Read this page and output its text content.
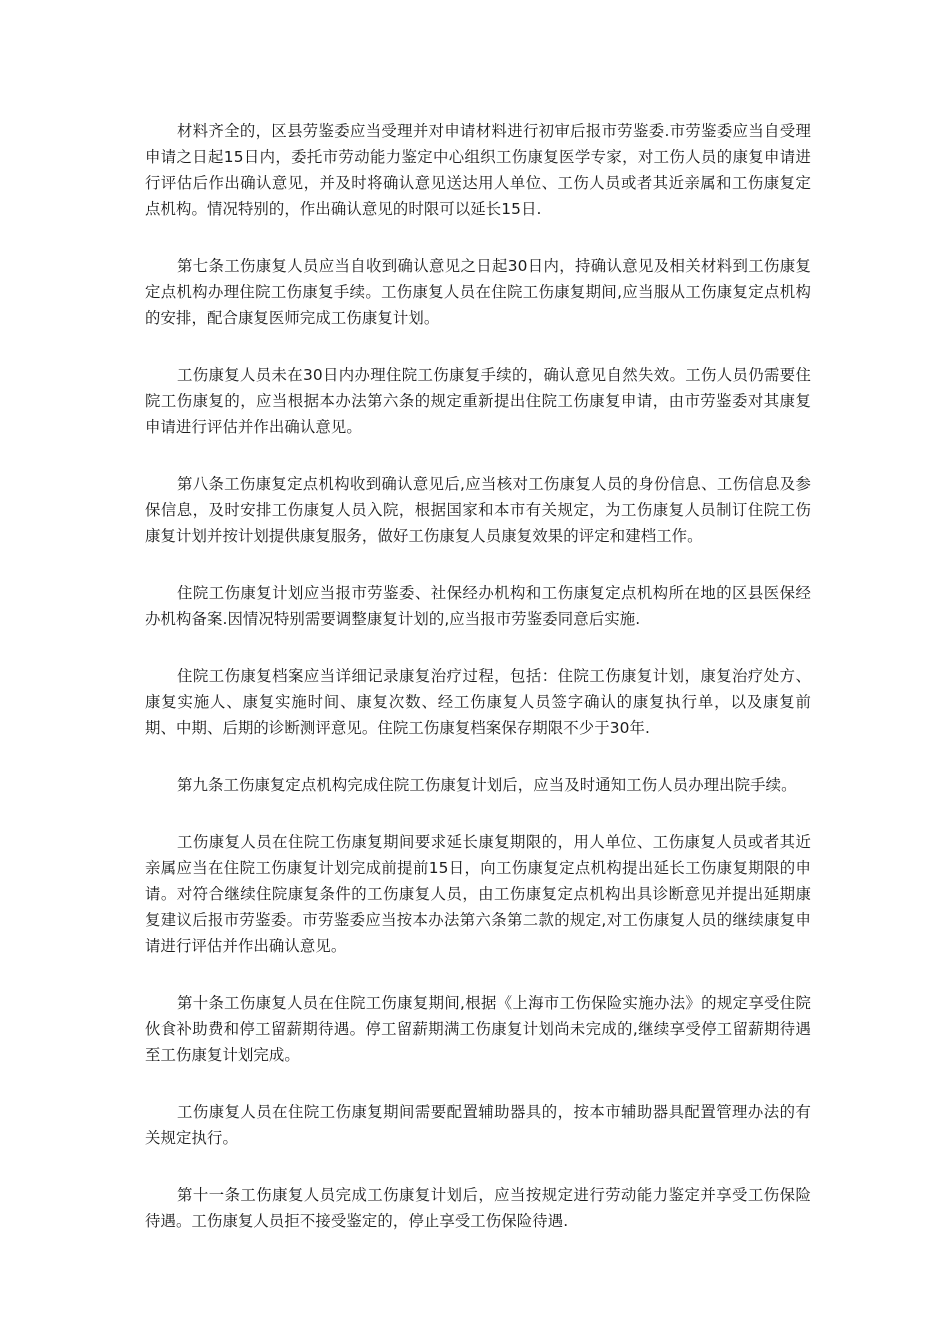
材料齐全的，区县劳鉴委应当受理并对申请材料进行初审后报市劳鉴委.市劳鉴委应当自受理申请之日起15日内，委托市劳动能力鉴定中心组织工伤康复医学专家，对工伤人员的康复申请进行评估后作出确认意见，并及时将确认意见送达用人单位、工伤人员或者其近亲属和工伤康复定点机构。情况特别的，作出确认意见的时限可以延长15日.

第七条工伤康复人员应当自收到确认意见之日起30日内，持确认意见及相关材料到工伤康复定点机构办理住院工伤康复手续。工伤康复人员在住院工伤康复期间,应当服从工伤康复定点机构的安排，配合康复医师完成工伤康复计划。

工伤康复人员未在30日内办理住院工伤康复手续的，确认意见自然失效。工伤人员仍需要住院工伤康复的，应当根据本办法第六条的规定重新提出住院工伤康复申请，由市劳鉴委对其康复申请进行评估并作出确认意见。

第八条工伤康复定点机构收到确认意见后,应当核对工伤康复人员的身份信息、工伤信息及参保信息，及时安排工伤康复人员入院，根据国家和本市有关规定，为工伤康复人员制订住院工伤康复计划并按计划提供康复服务，做好工伤康复人员康复效果的评定和建档工作。

住院工伤康复计划应当报市劳鉴委、社保经办机构和工伤康复定点机构所在地的区县医保经办机构备案.因情况特别需要调整康复计划的,应当报市劳鉴委同意后实施.

住院工伤康复档案应当详细记录康复治疗过程，包括：住院工伤康复计划，康复治疗处方、康复实施人、康复实施时间、康复次数、经工伤康复人员签字确认的康复执行单，以及康复前期、中期、后期的诊断测评意见。住院工伤康复档案保存期限不少于30年.

第九条工伤康复定点机构完成住院工伤康复计划后，应当及时通知工伤人员办理出院手续。

工伤康复人员在住院工伤康复期间要求延长康复期限的，用人单位、工伤康复人员或者其近亲属应当在住院工伤康复计划完成前提前15日，向工伤康复定点机构提出延长工伤康复期限的申请。对符合继续住院康复条件的工伤康复人员，由工伤康复定点机构出具诊断意见并提出延期康复建议后报市劳鉴委。市劳鉴委应当按本办法第六条第二款的规定,对工伤康复人员的继续康复申请进行评估并作出确认意见。

第十条工伤康复人员在住院工伤康复期间,根据《上海市工伤保险实施办法》的规定享受住院伙食补助费和停工留薪期待遇。停工留薪期满工伤康复计划尚未完成的,继续享受停工留薪期待遇至工伤康复计划完成。

工伤康复人员在住院工伤康复期间需要配置辅助器具的，按本市辅助器具配置管理办法的有关规定执行。

第十一条工伤康复人员完成工伤康复计划后，应当按规定进行劳动能力鉴定并享受工伤保险待遇。工伤康复人员拒不接受鉴定的，停止享受工伤保险待遇.
